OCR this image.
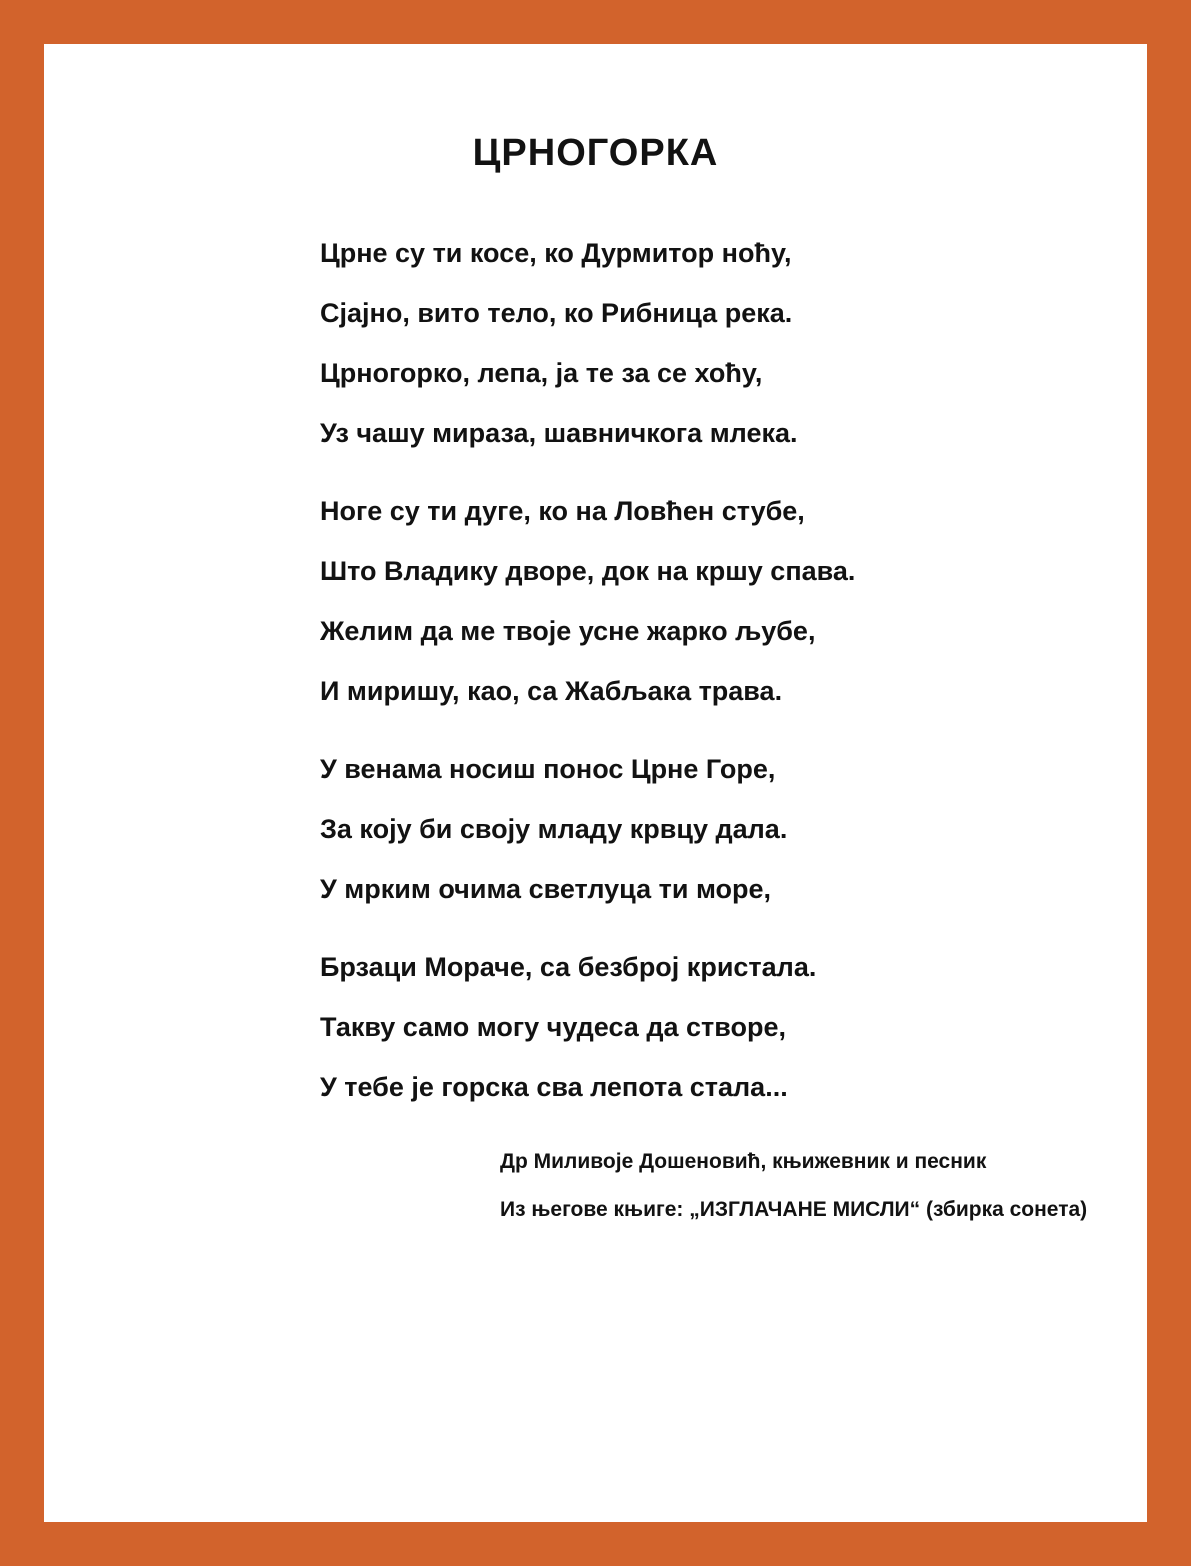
ЦРНОГОРКА

Црне су ти косе, ко Дурмитор ноћу,

Сјајно, вито тело, ко Рибница река.

Црногорко, лепа, ја те за се хоћу,

Уз чашу мираза, шавничкога млека.

Ноге су ти дуге, ко на Ловћен стубе,

Што Владику дворе, док на кршу спава.

Желим да ме твоје усне жарко љубе,

И миришу, као, са Жабљака трава.

У венама носиш понос Црне Горе,

За коју би своју младу крвцу дала.

У мрким очима светлуца ти море,

Брзаци Мораче, са безброј кристала.

Такву само могу чудеса да створе,

У тебе је горска сва лепота стала...

Др Миливоје Дошеновић, књижевник и песник

Из његове књиге: „ИЗГЛАЧАНЕ МИСЛИ“ (збирка сонета)
